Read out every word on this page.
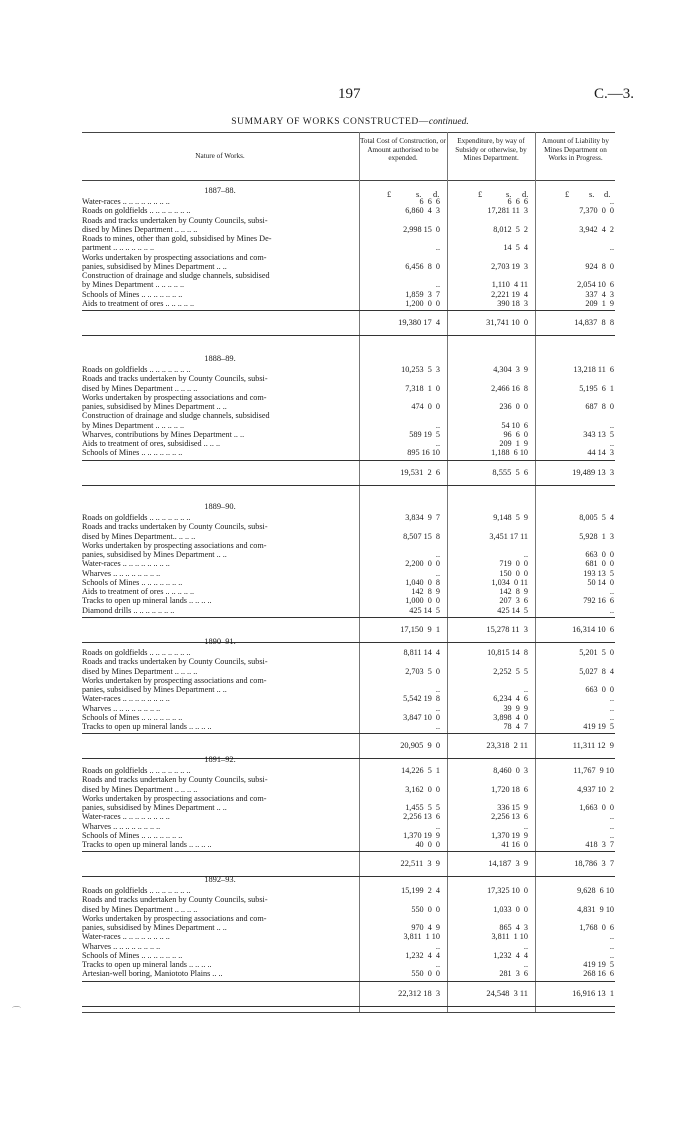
197	C.—3.
SUMMARY OF WORKS CONSTRUCTED—continued.
Nature of Works.
Total Cost of Construction, or Amount authorised to be expended.
Expenditure, by way of Subsidy or otherwise, by Mines Department.
Amount of Liability by Mines Department on Works in Progress.
£	s. d.	£	s. d.	£ s. d.
1887–88.
Water-races .. .. .. .. .. .. .. ..	6  6  6	6  6  6	..
Roads on goldfields .. .. .. .. .. .. ..	6,860  4  3	17,281 11  3	7,370  0  0
Roads and tracks undertaken by County Councils, subsi-
dised by Mines Department .. .. .. ..	2,998 15  0	8,012  5  2	3,942  4  2
Roads to mines, other than gold, subsidised by Mines De-
partment .. .. .. .. .. .. ..	..	14  5  4	..
Works undertaken by prospecting associations and com-
panies, subsidised by Mines Department .. ..	6,456  8  0	2,703 19  3	924  8  0
Construction of drainage and sludge channels, subsidised
by Mines Department .. .. .. .. ..	..	1,110  4 11	2,054 10  6
Schools of Mines .. .. .. .. .. .. ..	1,859  3  7	2,221 19  4	337  4  3
Aids to treatment of ores .. .. .. .. ..	1,200  0  0	390 18  3	209  1  9
19,380 17  4	31,741 10  0	14,837  8  8
1888–89.
Roads on goldfields .. .. .. .. .. .. ..	10,253  5  3	4,304  3  9	13,218 11  6
Roads and tracks undertaken by County Councils, subsi-
dised by Mines Department .. .. .. ..	7,318  1  0	2,466 16  8	5,195  6  1
Works undertaken by prospecting associations and com-
panies, subsidised by Mines Department .. ..	474  0  0	236  0  0	687  8  0
Construction of drainage and sludge channels, subsidised
by Mines Department .. .. .. .. ..	..	54 10  6	..
Wharves, contributions by Mines Department .. ..	589 19  5	96  6  0	343 13  5
Aids to treatment of ores, subsidised .. .. ..	..	209  1  9	..
Schools of Mines .. .. .. .. .. .. ..	895 16 10	1,188  6 10	44 14  3
19,531  2  6	8,555  5  6	19,489 13  3
1889–90.
Roads on goldfields .. .. .. .. .. .. ..	3,834  9  7	9,148  5  9	8,005  5  4
Roads and tracks undertaken by County Councils, subsi-
dised by Mines Department.. .. .. ..	8,507 15  8	3,451 17 11	5,928  1  3
Works undertaken by prospecting associations and com-
panies, subsidised by Mines Department .. ..	..	..	663  0  0
Water-races .. .. .. .. .. .. .. ..	2,200  0  0	719  0  0	681  0  0
Wharves .. .. .. .. .. .. .. ..	..	150  0  0	193 13  5
Schools of Mines .. .. .. .. .. .. ..	1,040  0  8	1,034  0 11	50 14  0
Aids to treatment of ores .. .. .. .. ..	142  8  9	142  8  9	..
Tracks to open up mineral lands .. .. .. ..	1,000  0  0	207  3  6	792 16  6
Diamond drills .. .. .. .. .. .. ..	425 14  5	425 14  5	..
17,150  9  1	15,278 11  3	16,314 10  6
1890–91.
Roads on goldfields .. .. .. .. .. .. ..	8,811 14  4	10,815 14  8	5,201  5  0
Roads and tracks undertaken by County Councils, subsi-
dised by Mines Department .. .. .. ..	2,703  5  0	2,252  5  5	5,027  8  4
Works undertaken by prospecting associations and com-
panies, subsidised by Mines Department .. ..	..	..	663  0  0
Water-races .. .. .. .. .. .. .. ..	5,542 19  8	6,234  4  6	..
Wharves .. .. .. .. .. .. .. ..	..	39  9  9	..
Schools of Mines .. .. .. .. .. .. ..	3,847 10  0	3,898  4  0	..
Tracks to open up mineral lands .. .. .. ..	..	78  4  7	419 19  5
20,905  9  0	23,318  2 11	11,311 12  9
1891–92.
Roads on goldfields .. .. .. .. .. .. ..	14,226  5  1	8,460  0  3	11,767  9 10
Roads and tracks undertaken by County Councils, subsi-
dised by Mines Department .. .. .. ..	3,162  0  0	1,720 18  6	4,937 10  2
Works undertaken by prospecting associations and com-
panies, subsidised by Mines Department .. ..	1,455  5  5	336 15  9	1,663  0  0
Water-races .. .. .. .. .. .. .. ..	2,256 13  6	2,256 13  6	..
Wharves .. .. .. .. .. .. .. ..	..	..	..
Schools of Mines .. .. .. .. .. .. ..	1,370 19  9	1,370 19  9	..
Tracks to open up mineral lands .. .. .. ..	40  0  0	41 16  0	418  3  7
22,511  3  9	14,187  3  9	18,786  3  7
1892–93.
Roads on goldfields .. .. .. .. .. .. ..	15,199  2  4	17,325 10  0	9,628  6 10
Roads and tracks undertaken by County Councils, subsi-
dised by Mines Department .. .. .. ..	550  0  0	1,033  0  0	4,831  9 10
Works undertaken by prospecting associations and com-
panies, subsidised by Mines Department .. ..	970  4  9	865  4  3	1,768  0  6
Water-races .. .. .. .. .. .. .. ..	3,811  1 10	3,811  1 10	..
Wharves .. .. .. .. .. .. .. ..	..	..	..
Schools of Mines .. .. .. .. .. .. ..	1,232  4  4	1,232  4  4	..
Tracks to open up mineral lands .. .. .. ..	..	..	419 19  5
Artesian-well boring, Maniototo Plains .. ..	550  0  0	281  3  6	268 16  6
22,312 18  3	24,548  3 11	16,916 13  1
⌒
